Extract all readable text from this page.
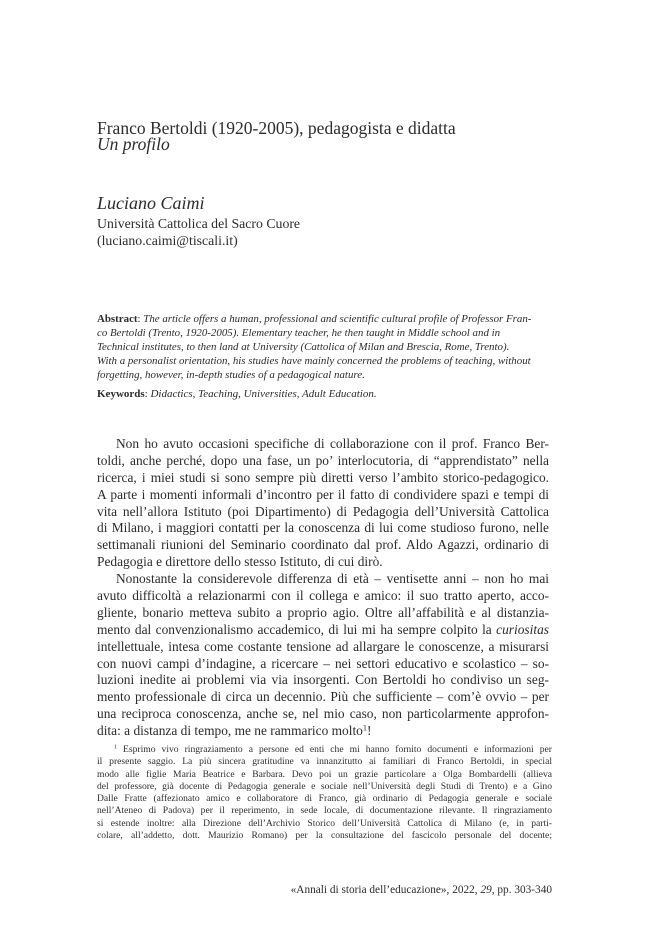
Franco Bertoldi (1920-2005), pedagogista e didatta
Un profilo
Luciano Caimi
Università Cattolica del Sacro Cuore
(luciano.caimi@tiscali.it)
Abstract: The article offers a human, professional and scientific cultural profile of Professor Fran-
co Bertoldi (Trento, 1920-2005). Elementary teacher, he then taught in Middle school and in
Technical institutes, to then land at University (Cattolica of Milan and Brescia, Rome, Trento).
With a personalist orientation, his studies have mainly concerned the problems of teaching, without
forgetting, however, in-depth studies of a pedagogical nature.
Keywords: Didactics, Teaching, Universities, Adult Education.
Non ho avuto occasioni specifiche di collaborazione con il prof. Franco Ber-
toldi, anche perché, dopo una fase, un po’ interlocutoria, di “apprendistato” nella
ricerca, i miei studi si sono sempre più diretti verso l’ambito storico-pedagogico.
A parte i momenti informali d’incontro per il fatto di condividere spazi e tempi di
vita nell’allora Istituto (poi Dipartimento) di Pedagogia dell’Università Cattolica
di Milano, i maggiori contatti per la conoscenza di lui come studioso furono, nelle
settimanali riunioni del Seminario coordinato dal prof. Aldo Agazzi, ordinario di
Pedagogia e direttore dello stesso Istituto, di cui dirò.
Nonostante la considerevole differenza di età – ventisette anni – non ho mai
avuto difficoltà a relazionarmi con il collega e amico: il suo tratto aperto, acco-
gliente, bonario metteva subito a proprio agio. Oltre all’affabilità e al distanzia-
mento dal convenzionalismo accademico, di lui mi ha sempre colpito la curiositas
intellettuale, intesa come costante tensione ad allargare le conoscenze, a misurarsi
con nuovi campi d’indagine, a ricercare – nei settori educativo e scolastico – so-
luzioni inedite ai problemi via via insorgenti. Con Bertoldi ho condiviso un seg-
mento professionale di circa un decennio. Più che sufficiente – com’è ovvio – per
una reciproca conoscenza, anche se, nel mio caso, non particolarmente approfon-
dita: a distanza di tempo, me ne rammarico molto$^1$!
$^1$ Esprimo vivo ringraziamento a persone ed enti che mi hanno fornito documenti e informazioni per
il presente saggio. La più sincera gratitudine va innanzitutto ai familiari di Franco Bertoldi, in special
modo alle figlie Maria Beatrice e Barbara. Devo poi un grazie particolare a Olga Bombardelli (allieva
del professore, già docente di Pedagogia generale e sociale nell’Università degli Studi di Trento) e a Gino
Dalle Fratte (affezionato amico e collaboratore di Franco, già ordinario di Pedagogia generale e sociale
nell’Ateneo di Padova) per il reperimento, in sede locale, di documentazione rilevante. Il ringraziamento
si estende inoltre: alla Direzione dell’Archivio Storico dell’Università Cattolica di Milano (e, in parti-
colare, all’addetto, dott. Maurizio Romano) per la consultazione del fascicolo personale del docente;
«Annali di storia dell’educazione», 2022, 29, pp. 303-340
